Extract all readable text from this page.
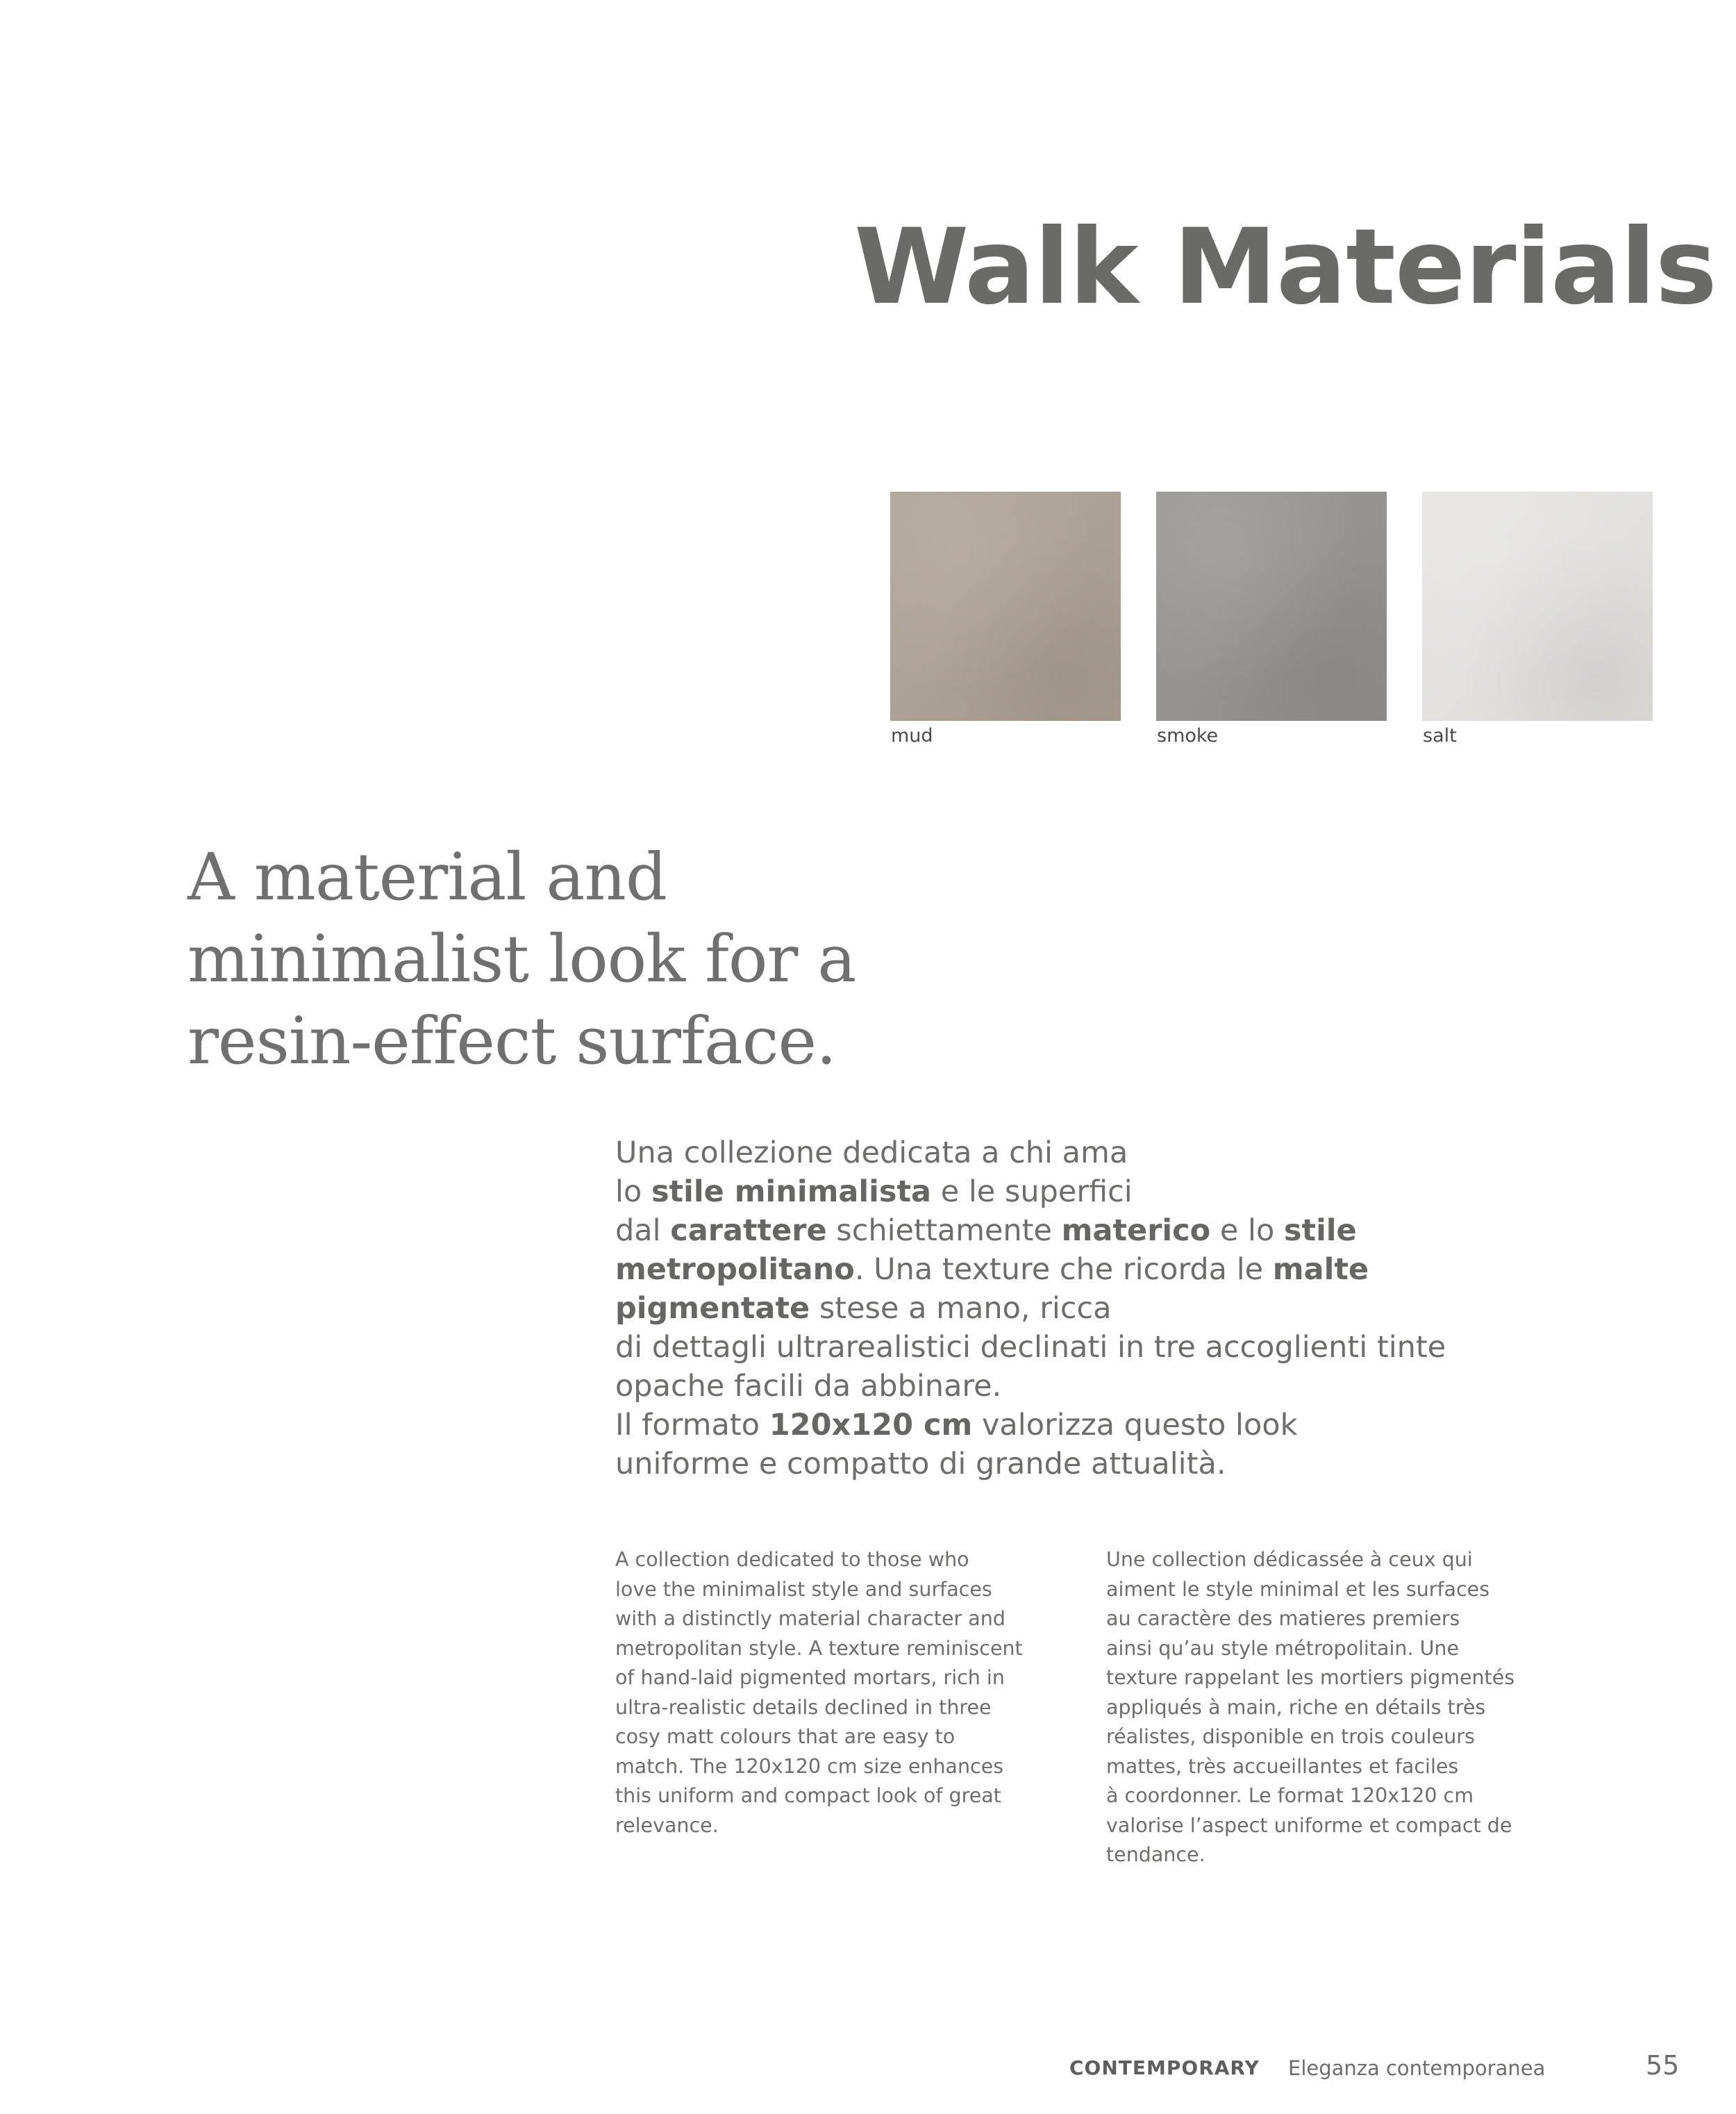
Walk Materials
mud	smoke	salt
A material and
minimalist look for a
resin-effect surface.
Una collezione dedicata a chi ama
lo stile minimalista e le superfici
dal carattere schiettamente materico e lo stile
metropolitano. Una texture che ricorda le malte
pigmentate stese a mano, ricca
di dettagli ultrarealistici declinati in tre accoglienti tinte
opache facili da abbinare.
Il formato 120x120 cm valorizza questo look
uniforme e compatto di grande attualità.
A collection dedicated to those who
love the minimalist style and surfaces
with a distinctly material character and
metropolitan style. A texture reminiscent
of hand-laid pigmented mortars, rich in
ultra-realistic details declined in three
cosy matt colours that are easy to
match. The 120x120 cm size enhances
this uniform and compact look of great
relevance.
Une collection dédicassée à ceux qui
aiment le style minimal et les surfaces
au caractère des matieres premiers
ainsi qu’au style métropolitain. Une
texture rappelant les mortiers pigmentés
appliqués à main, riche en détails très
réalistes, disponible en trois couleurs
mattes, très accueillantes et faciles
à coordonner. Le format 120x120 cm
valorise l’aspect uniforme et compact de
tendance.
CONTEMPORARY Eleganza contemporanea	55
